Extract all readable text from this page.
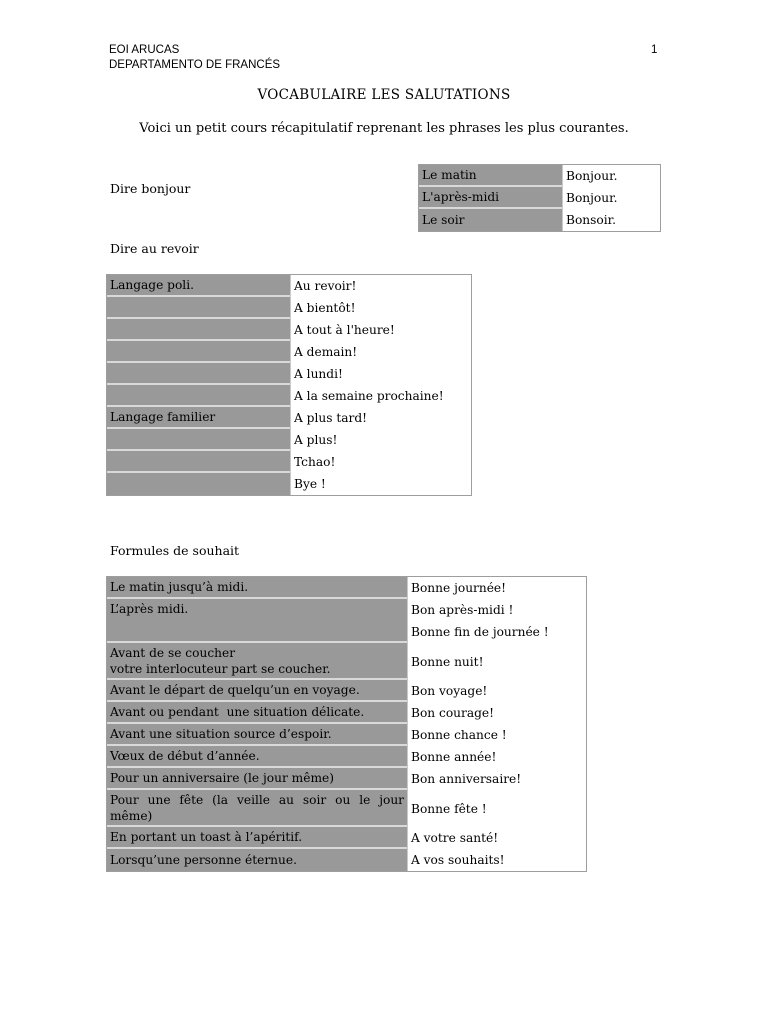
EOI ARUCAS
DEPARTAMENTO DE FRANCÉS
1
VOCABULAIRE LES SALUTATIONS
Voici un petit cours récapitulatif reprenant les phrases les plus courantes.
Dire bonjour
Le matin	Bonjour.
L'après-midi	Bonjour.
Le soir	Bonsoir.
Dire au revoir
Langage poli.	Au revoir!
	A bientôt!
	A tout à l'heure!
	A demain!
	A lundi!
	A la semaine prochaine!
Langage familier	A plus tard!
	A plus!
	Tchao!
	Bye !
Formules de souhait
Le matin jusqu’à midi.	Bonne journée!
L’après midi.	Bon après-midi !
	Bonne fin de journée !

Avant de se coucher
votre interlocuteur part se coucher.	Bonne nuit!
Avant le départ de quelqu’un en voyage.	Bon voyage!
Avant ou pendant  une situation délicate.	Bon courage!
Avant une situation source d’espoir.	Bonne chance !
Vœux de début d’année.	Bonne année!
Pour un anniversaire (le jour même)	Bon anniversaire!

Pour une fête (la veille au soir ou le jour
même)	Bonne fête !
En portant un toast à l’apéritif.	A votre santé!
Lorsqu’une personne éternue.	A vos souhaits!
